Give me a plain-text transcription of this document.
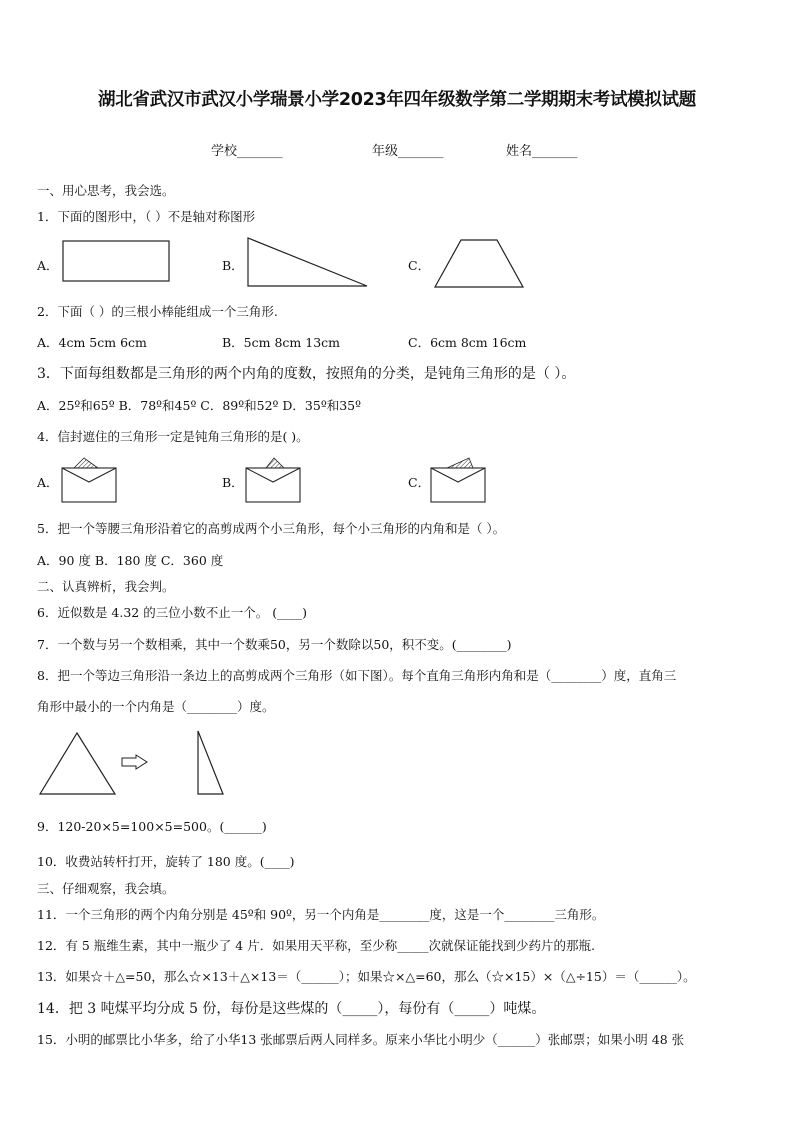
湖北省武汉市武汉小学瑞景小学2023年四年级数学第二学期期末考试模拟试题
学校_______	年级_______	姓名_______
一、用心思考，我会选。
1．下面的图形中，（ ）不是轴对称图形
A．	B．	C．
2．下面（ ）的三根小棒能组成一个三角形.
A．4cm 5cm 6cm	B．5cm 8cm 13cm	C．6cm 8cm 16cm
3．下面每组数都是三角形的两个内角的度数，按照角的分类，是钝角三角形的是（ ）。
A．25º和65º B．78º和45º C．89º和52º D．35º和35º
4．信封遮住的三角形一定是钝角三角形的是( )。
A．	B．	C．
5．把一个等腰三角形沿着它的高剪成两个小三角形，每个小三角形的内角和是（ ）。
A．90 度 B．180 度 C．360 度
二、认真辨析，我会判。
6．近似数是 4.32 的三位小数不止一个。 (____)
7．一个数与另一个数相乘，其中一个数乘50，另一个数除以50，积不变。(________)
8．把一个等边三角形沿一条边上的高剪成两个三角形（如下图）。每个直角三角形内角和是（________）度，直角三
角形中最小的一个内角是（________）度。
9．120-20×5=100×5=500。(______)
10．收费站转杆打开，旋转了 180 度。(____)
三、仔细观察，我会填。
11．一个三角形的两个内角分别是 45º和 90º，另一个内角是________度，这是一个________三角形。
12．有 5 瓶维生素，其中一瓶少了 4 片．如果用天平称，至少称_____次就保证能找到少药片的那瓶.
13．如果☆＋△=50，那么☆×13＋△×13＝（______）；如果☆×△=60，那么（☆×15）×（△÷15）＝（______）。
14．把 3 吨煤平均分成 5 份，每份是这些煤的（_____），每份有（_____）吨煤。
15．小明的邮票比小华多，给了小华13 张邮票后两人同样多。原来小华比小明少（______）张邮票；如果小明 48 张
